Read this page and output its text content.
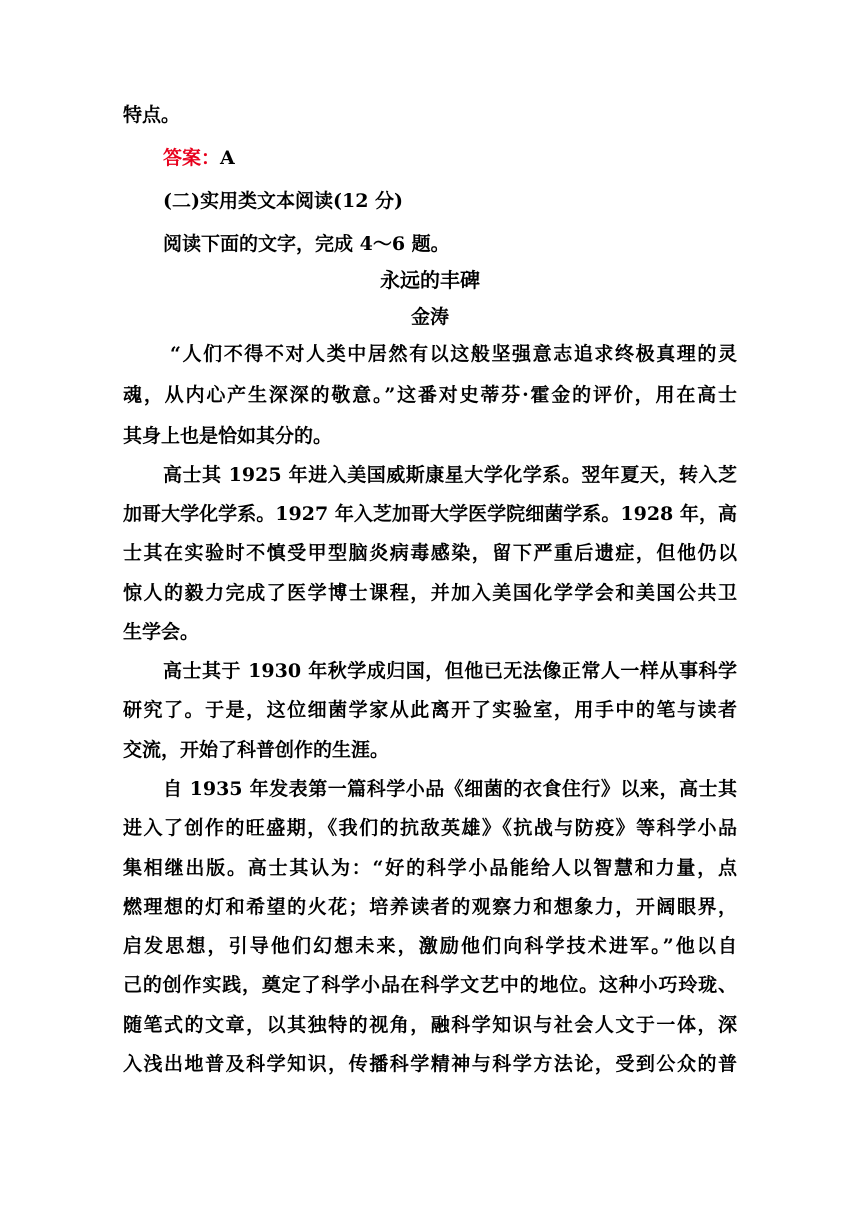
特点。
答案：A
(二)实用类文本阅读(12 分)
阅读下面的文字，完成 4～6 题。
永远的丰碑
金涛
“人们不得不对人类中居然有以这般坚强意志追求终极真理的灵
魂，从内心产生深深的敬意。”这番对史蒂芬·霍金的评价，用在高士
其身上也是恰如其分的。
高士其 1925 年进入美国威斯康星大学化学系。翌年夏天，转入芝
加哥大学化学系。1927 年入芝加哥大学医学院细菌学系。1928 年，高
士其在实验时不慎受甲型脑炎病毒感染，留下严重后遗症，但他仍以
惊人的毅力完成了医学博士课程，并加入美国化学学会和美国公共卫
生学会。
高士其于 1930 年秋学成归国，但他已无法像正常人一样从事科学
研究了。于是，这位细菌学家从此离开了实验室，用手中的笔与读者
交流，开始了科普创作的生涯。
自 1935 年发表第一篇科学小品《细菌的衣食住行》以来，高士其
进入了创作的旺盛期，《我们的抗敌英雄》《抗战与防疫》等科学小品
集相继出版。高士其认为：“好的科学小品能给人以智慧和力量，点
燃理想的灯和希望的火花；培养读者的观察力和想象力，开阔眼界，
启发思想，引导他们幻想未来，激励他们向科学技术进军。”他以自
己的创作实践，奠定了科学小品在科学文艺中的地位。这种小巧玲珑、
随笔式的文章，以其独特的视角，融科学知识与社会人文于一体，深
入浅出地普及科学知识，传播科学精神与科学方法论，受到公众的普
